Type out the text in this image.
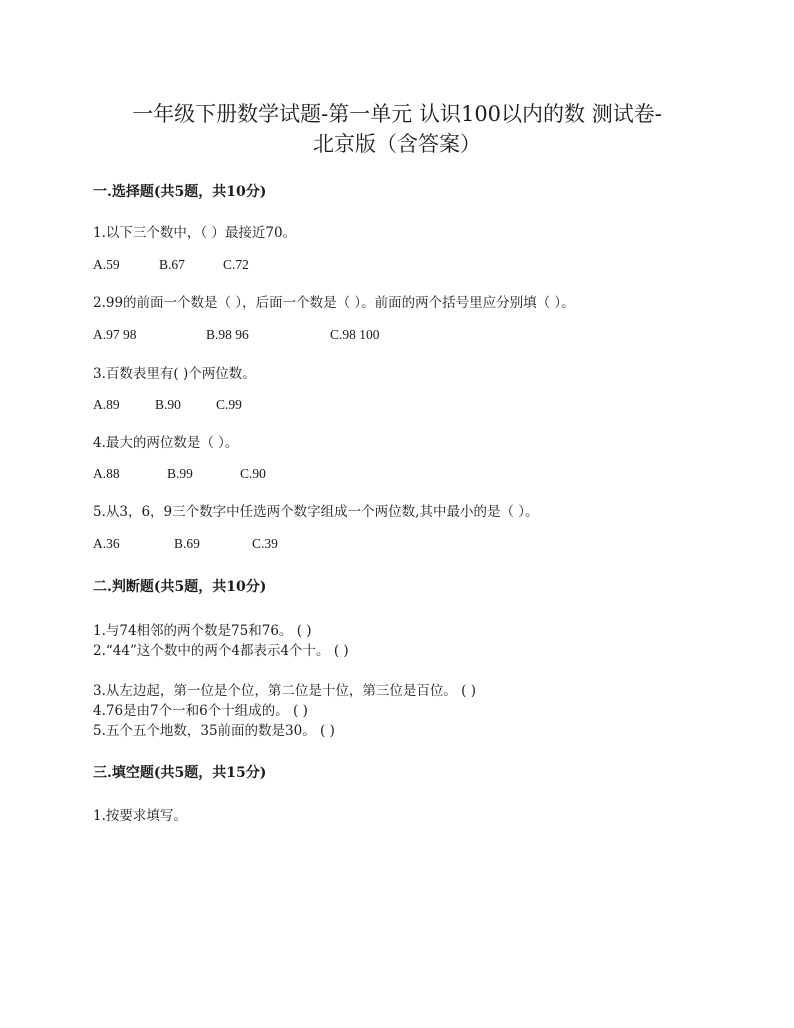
一年级下册数学试题-第一单元 认识100以内的数 测试卷-
北京版（含答案）
一.选择题(共5题，共10分)
1.以下三个数中，（ ）最接近70。
A.59	B.67	C.72
2.99的前面一个数是（ ），后面一个数是（ ）。前面的两个括号里应分别填（ ）。
A.97 98	B.98 96	C.98 100
3.百数表里有( )个两位数。
A.89	B.90	C.99
4.最大的两位数是（ ）。
A.88	B.99	C.90
5.从3，6，9三个数字中任选两个数字组成一个两位数,其中最小的是（ ）。
A.36	B.69	C.39
二.判断题(共5题，共10分)
1.与74相邻的两个数是75和76。 ( )
2.“44”这个数中的两个4都表示4个十。 ( )
3.从左边起，第一位是个位，第二位是十位，第三位是百位。 ( )
4.76是由7个一和6个十组成的。 ( )
5.五个五个地数，35前面的数是30。 ( )
三.填空题(共5题，共15分)
1.按要求填写。
